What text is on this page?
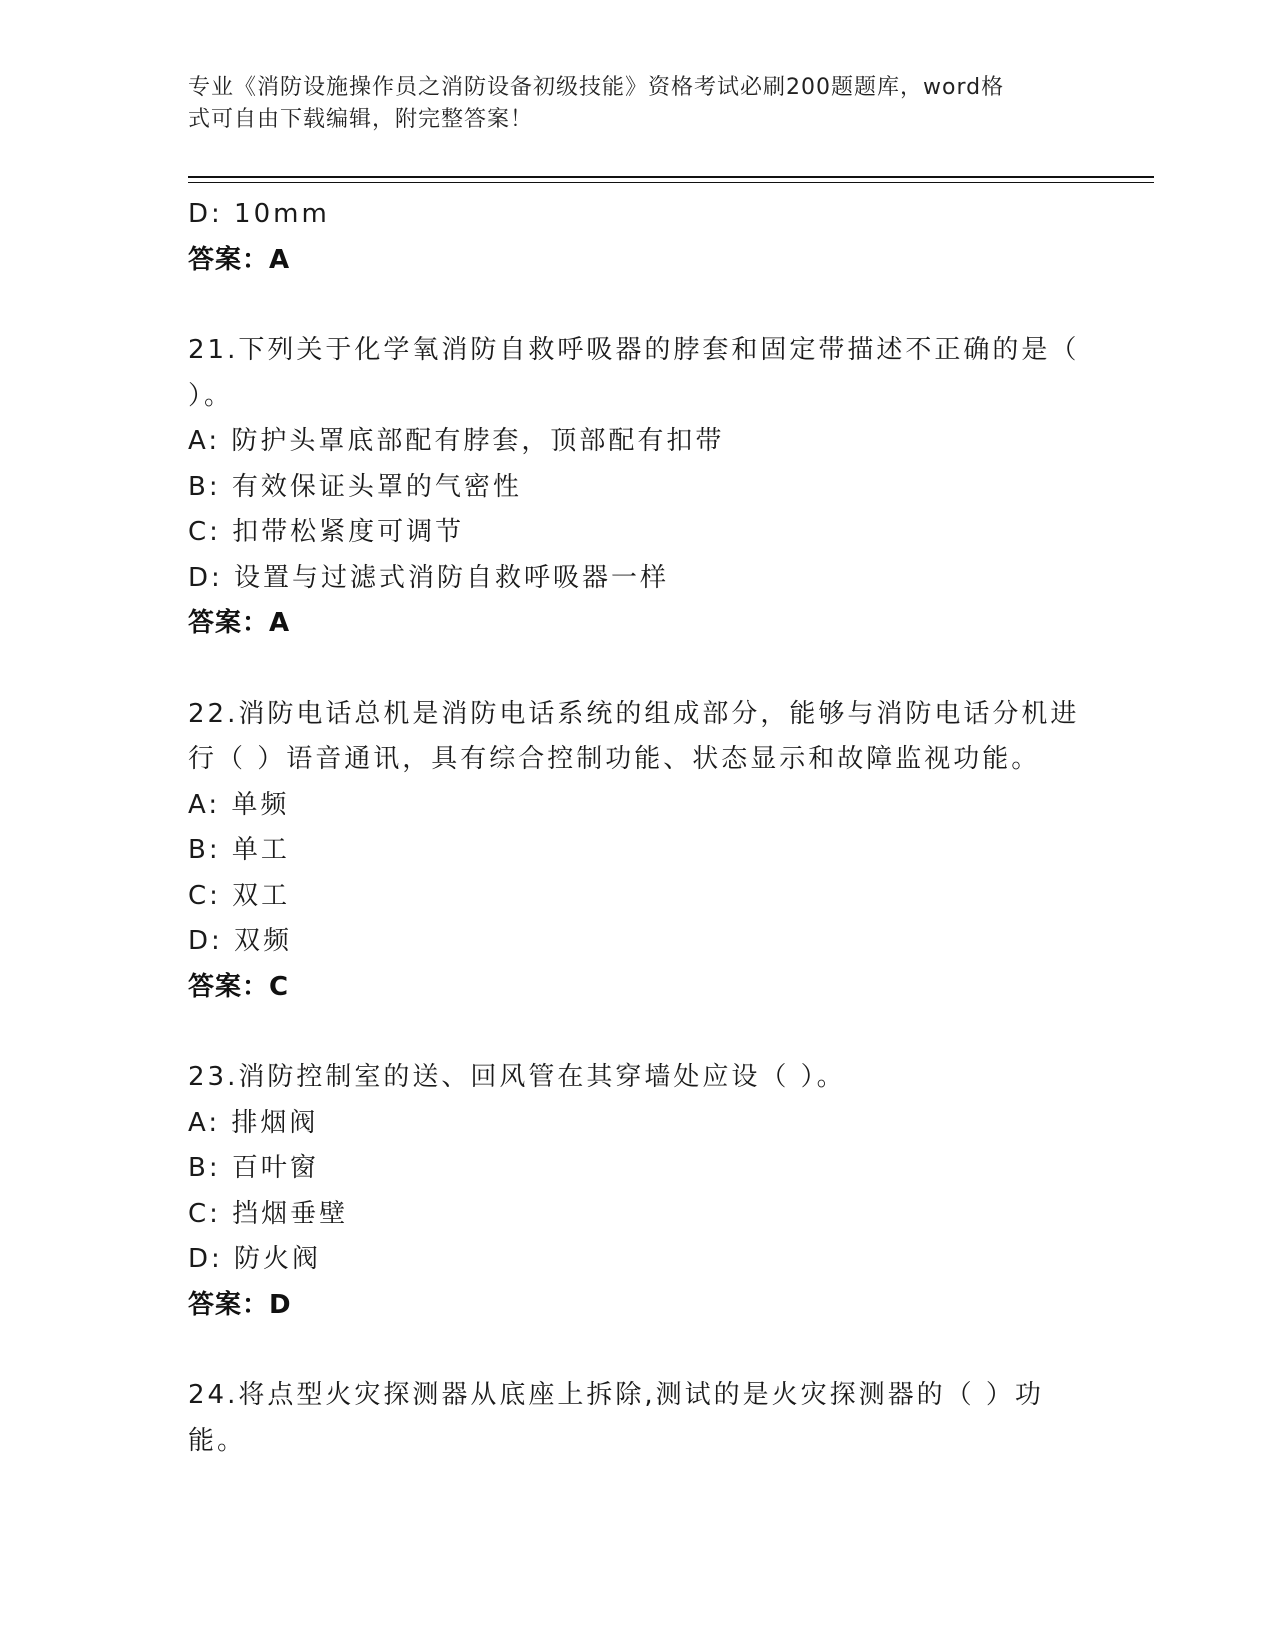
专业《消防设施操作员之消防设备初级技能》资格考试必刷200题题库，word格
式可自由下载编辑，附完整答案！
D: 10mm
答案：A
21.下列关于化学氧消防自救呼吸器的脖套和固定带描述不正确的是（
）。
A: 防护头罩底部配有脖套，顶部配有扣带
B: 有效保证头罩的气密性
C: 扣带松紧度可调节
D: 设置与过滤式消防自救呼吸器一样
答案：A
22.消防电话总机是消防电话系统的组成部分，能够与消防电话分机进
行（ ）语音通讯，具有综合控制功能、状态显示和故障监视功能。
A: 单频
B: 单工
C: 双工
D: 双频
答案：C
23.消防控制室的送、回风管在其穿墙处应设（ ）。
A: 排烟阀
B: 百叶窗
C: 挡烟垂壁
D: 防火阀
答案：D
24.将点型火灾探测器从底座上拆除,测试的是火灾探测器的（ ）功
能。
